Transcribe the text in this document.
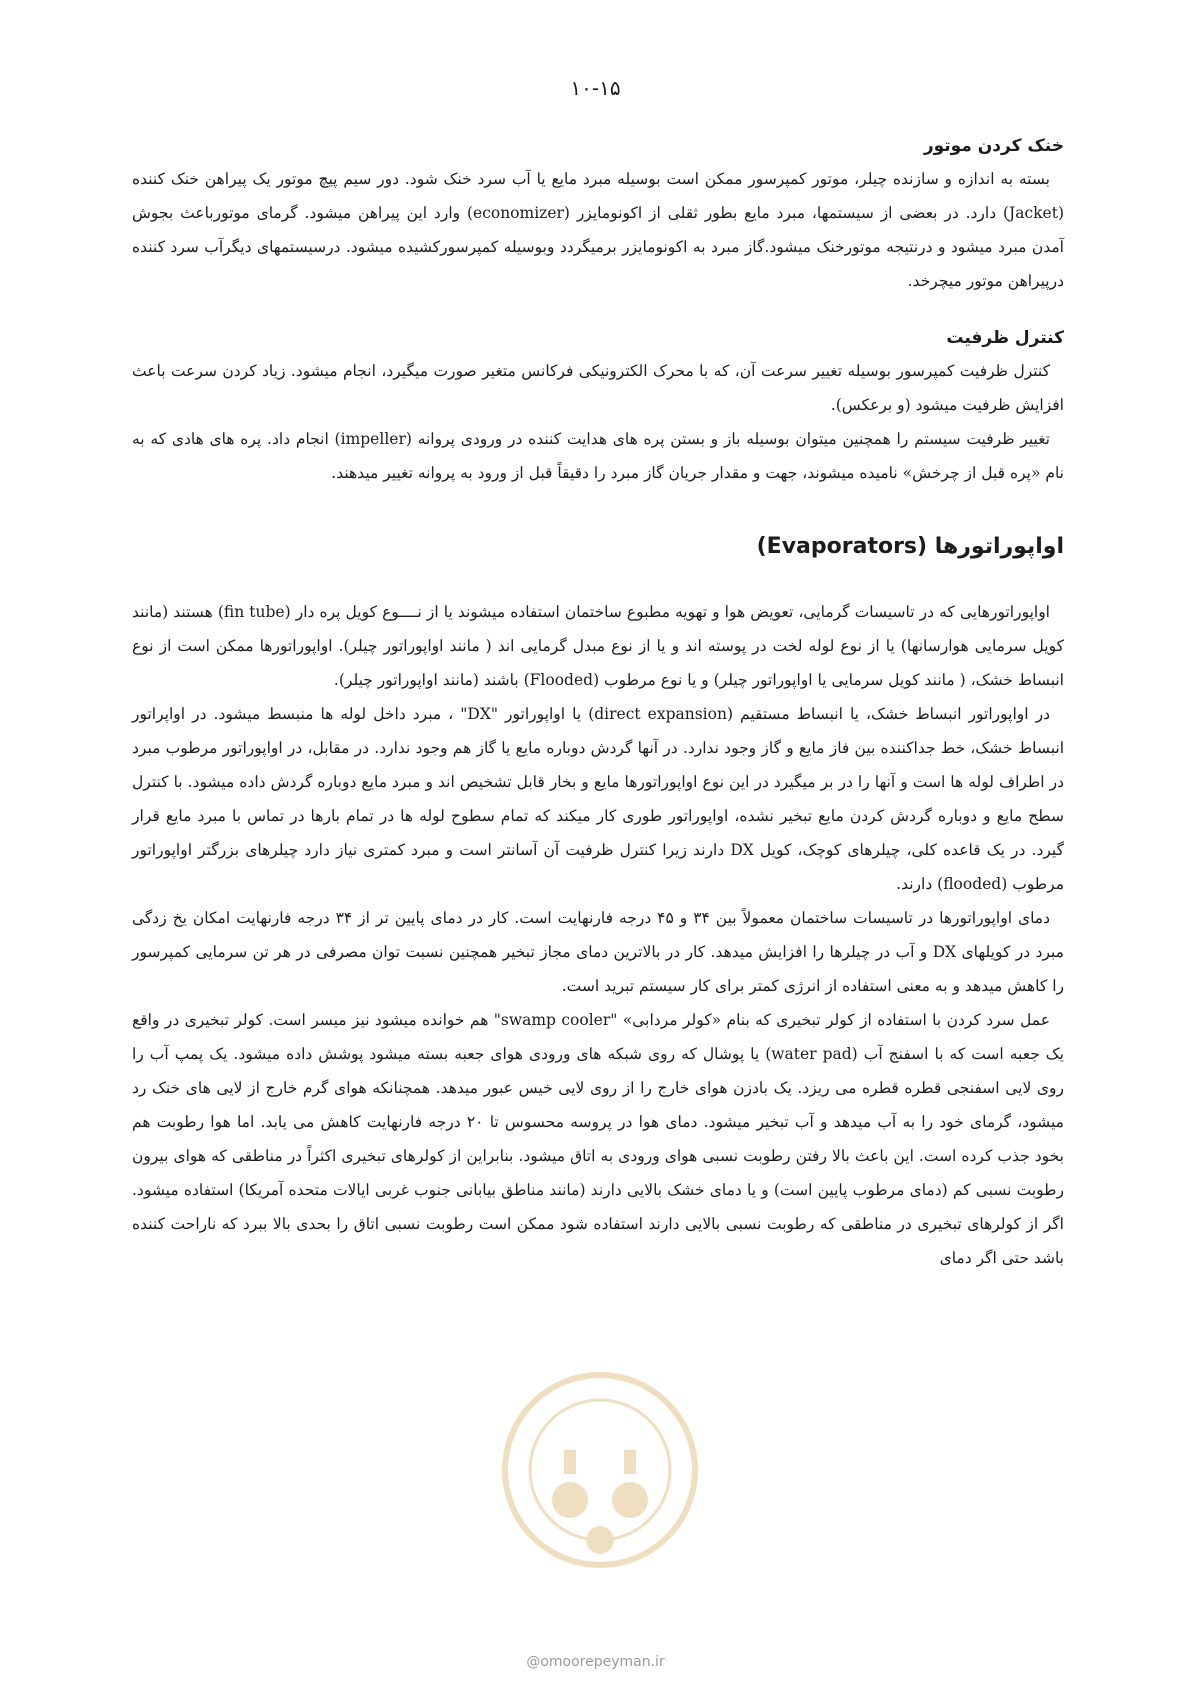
۱۰-۱۵
خنک کردن موتور

بسته به اندازه و سازنده چیلر، موتور کمپرسور ممکن است بوسیله مبرد مایع یا آب سرد خنک شود. دور سیم پیچ موتور یک پیراهن خنک کننده (Jacket) دارد. در بعضی از سیستمها، مبرد مایع بطور ثقلی از اکونومایزر (economizer) وارد این پیراهن میشود. گرمای موتورباعث بجوش آمدن مبرد میشود و درنتیجه موتورخنک میشود.گاز مبرد به اکونومایزر برمیگردد وبوسیله کمپرسورکشیده میشود. درسیستمهای دیگرآب سرد کننده درپیراهن موتور میچرخد.

کنترل ظرفیت

کنترل ظرفیت کمپرسور بوسیله تغییر سرعت آن، که با محرک الکترونیکی فرکانس متغیر صورت میگیرد، انجام میشود. زیاد کردن سرعت باعث افزایش ظرفیت میشود (و برعکس).

تغییر ظرفیت سیستم را همچنین میتوان بوسیله باز و بستن پره های هدایت کننده در ورودی پروانه (impeller) انجام داد. پره های هادی که به نام «پره قبل از چرخش» نامیده میشوند، جهت و مقدار جریان گاز مبرد را دقیقاً قبل از ورود به پروانه تغییر میدهند.

اواپوراتورها (Evaporators)

اواپوراتورهایی که در تاسیسات گرمایی، تعویض هوا و تهویه مطبوع ساختمان استفاده میشوند یا از نــــوع کویل پره دار (fin tube) هستند (مانند کویل سرمایی هوارسانها) یا از نوع لوله لخت در پوسته اند و یا از نوع مبدل گرمایی اند ( مانند اواپوراتور چیلر). اواپوراتورها ممکن است از نوع انبساط خشک، ( مانند کویل سرمایی یا اواپوراتور چیلر) و یا نوع مرطوب (Flooded) باشند (مانند اواپوراتور چیلر).

در اواپوراتور انبساط خشک، یا انبساط مستقیم (direct expansion) یا اواپوراتور "DX" ، مبرد داخل لوله ها منبسط میشود. در اواپراتور انبساط خشک، خط جداکننده بین فاز مایع و گاز وجود ندارد. در آنها گردش دوباره مایع یا گاز هم وجود ندارد. در مقابل، در اواپوراتور مرطوب مبرد در اطراف لوله ها است و آنها را در بر میگیرد در این نوع اواپوراتورها مایع و بخار قابل تشخیص اند و مبرد مایع دوباره گردش داده میشود. با کنترل سطح مایع و دوباره گردش کردن مایع تبخیر نشده، اواپوراتور طوری کار میکند که تمام سطوح لوله ها در تمام بارها در تماس با مبرد مایع قرار گیرد. در یک قاعده کلی، چیلرهای کوچک، کویل DX دارند زیرا کنترل ظرفیت آن آسانتر است و مبرد کمتری نیاز دارد چیلرهای بزرگتر اواپوراتور مرطوب (flooded) دارند.

دمای اواپوراتورها در تاسیسات ساختمان معمولاً بین ۳۴ و ۴۵ درجه فارنهایت است. کار در دمای پایین تر از ۳۴ درجه فارنهایت امکان یخ زدگی مبرد در کویلهای DX و آب در چیلرها را افزایش میدهد. کار در بالاترین دمای مجاز تبخیر همچنین نسبت توان مصرفی در هر تن سرمایی کمپرسور را کاهش میدهد و به معنی استفاده از انرژی کمتر برای کار سیستم تبرید است.

عمل سرد کردن با استفاده از کولر تبخیری که بنام «کولر مردابی» "swamp cooler" هم خوانده میشود نیز میسر است. کولر تبخیری در واقع یک جعبه است که با اسفنج آب (water pad) یا پوشال که روی شبکه های ورودی هوای جعبه بسته میشود پوشش داده میشود. یک پمپ آب را روی لایی اسفنجی قطره قطره می ریزد. یک بادزن هوای خارج را از روی لایی خیس عبور میدهد. همچنانکه هوای گرم خارج از لایی های خنک رد میشود، گرمای خود را به آب میدهد و آب تبخیر میشود. دمای هوا در پروسه محسوس تا ۲۰ درجه فارنهایت کاهش می یابد. اما هوا رطوبت هم بخود جذب کرده است. این باعث بالا رفتن رطوبت نسبی هوای ورودی به اتاق میشود. بنابراین از کولرهای تبخیری اکثراً در مناطقی که هوای بیرون رطوبت نسبی کم (دمای مرطوب پایین است) و یا دمای خشک بالایی دارند (مانند مناطق بیابانی جنوب غربی ایالات متحده آمریکا) استفاده میشود. اگر از کولرهای تبخیری در مناطقی که رطوبت نسبی بالایی دارند استفاده شود ممکن است رطوبت نسبی اتاق را بحدی بالا ببرد که ناراحت کننده باشد حتی اگر دمای

@omoorepeyman.ir
